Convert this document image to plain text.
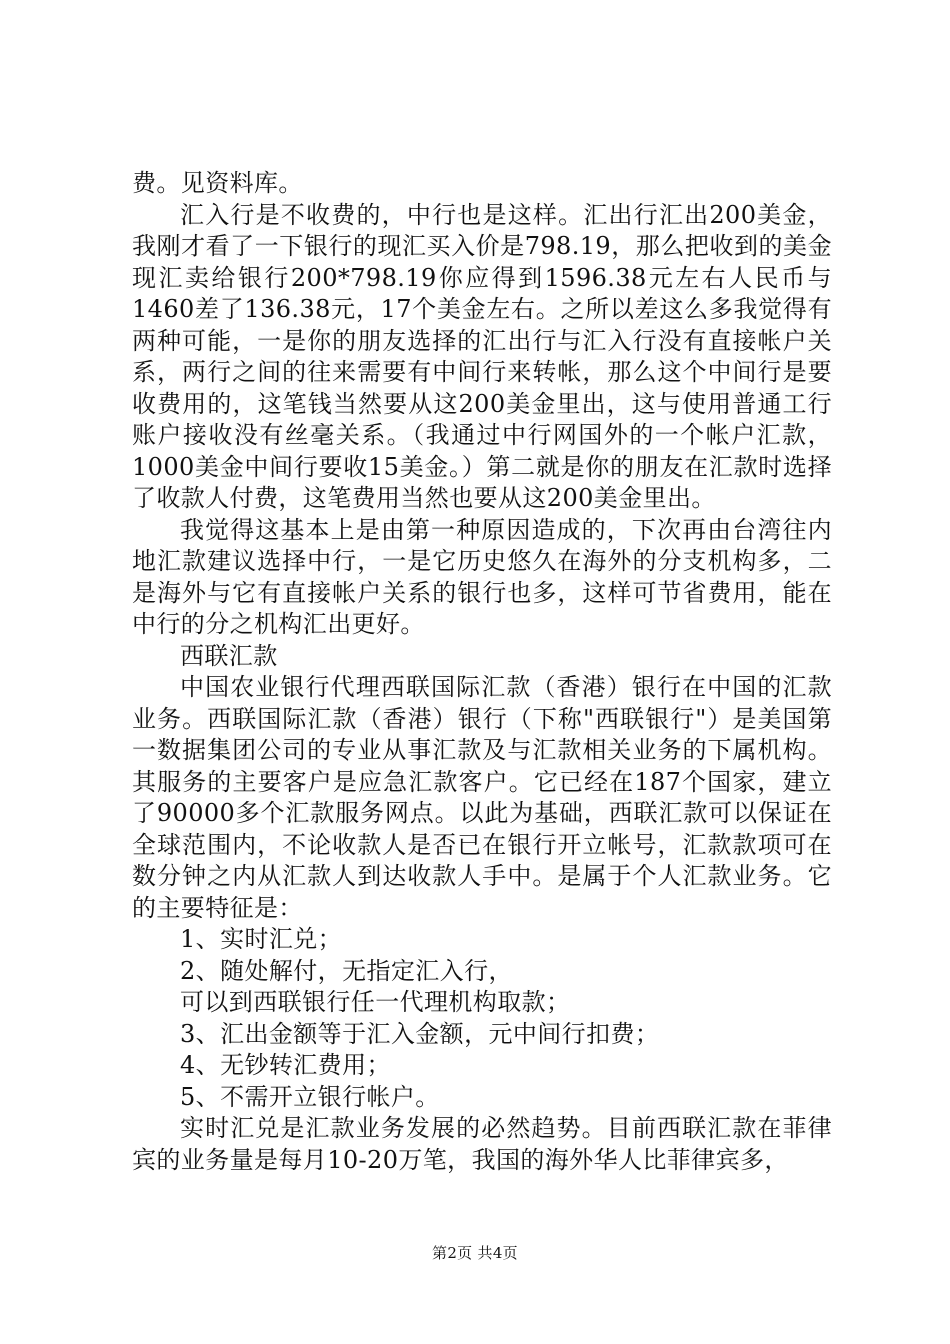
费。见资料库。

汇入行是不收费的，中行也是这样。汇出行汇出200美金，我刚才看了一下银行的现汇买入价是798.19，那么把收到的美金现汇卖给银行200*798.19你应得到1596.38元左右人民币与1460差了136.38元，17个美金左右。之所以差这么多我觉得有两种可能，一是你的朋友选择的汇出行与汇入行没有直接帐户关系，两行之间的往来需要有中间行来转帐，那么这个中间行是要收费用的，这笔钱当然要从这200美金里出，这与使用普通工行账户接收没有丝毫关系。（我通过中行网国外的一个帐户汇款，1000美金中间行要收15美金。）第二就是你的朋友在汇款时选择了收款人付费，这笔费用当然也要从这200美金里出。

我觉得这基本上是由第一种原因造成的，下次再由台湾往内地汇款建议选择中行，一是它历史悠久在海外的分支机构多，二是海外与它有直接帐户关系的银行也多，这样可节省费用，能在中行的分之机构汇出更好。

西联汇款

中国农业银行代理西联国际汇款（香港）银行在中国的汇款业务。西联国际汇款（香港）银行（下称"西联银行"）是美国第一数据集团公司的专业从事汇款及与汇款相关业务的下属机构。其服务的主要客户是应急汇款客户。它已经在187个国家，建立了90000多个汇款服务网点。以此为基础，西联汇款可以保证在全球范围内，不论收款人是否已在银行开立帐号，汇款款项可在数分钟之内从汇款人到达收款人手中。是属于个人汇款业务。它的主要特征是：

1、实时汇兑；

2、随处解付，无指定汇入行，

可以到西联银行任一代理机构取款；

3、汇出金额等于汇入金额，元中间行扣费；

4、无钞转汇费用；

5、不需开立银行帐户。

实时汇兑是汇款业务发展的必然趋势。目前西联汇款在菲律宾的业务量是每月10-20万笔，我国的海外华人比菲律宾多，

第2页 共4页
